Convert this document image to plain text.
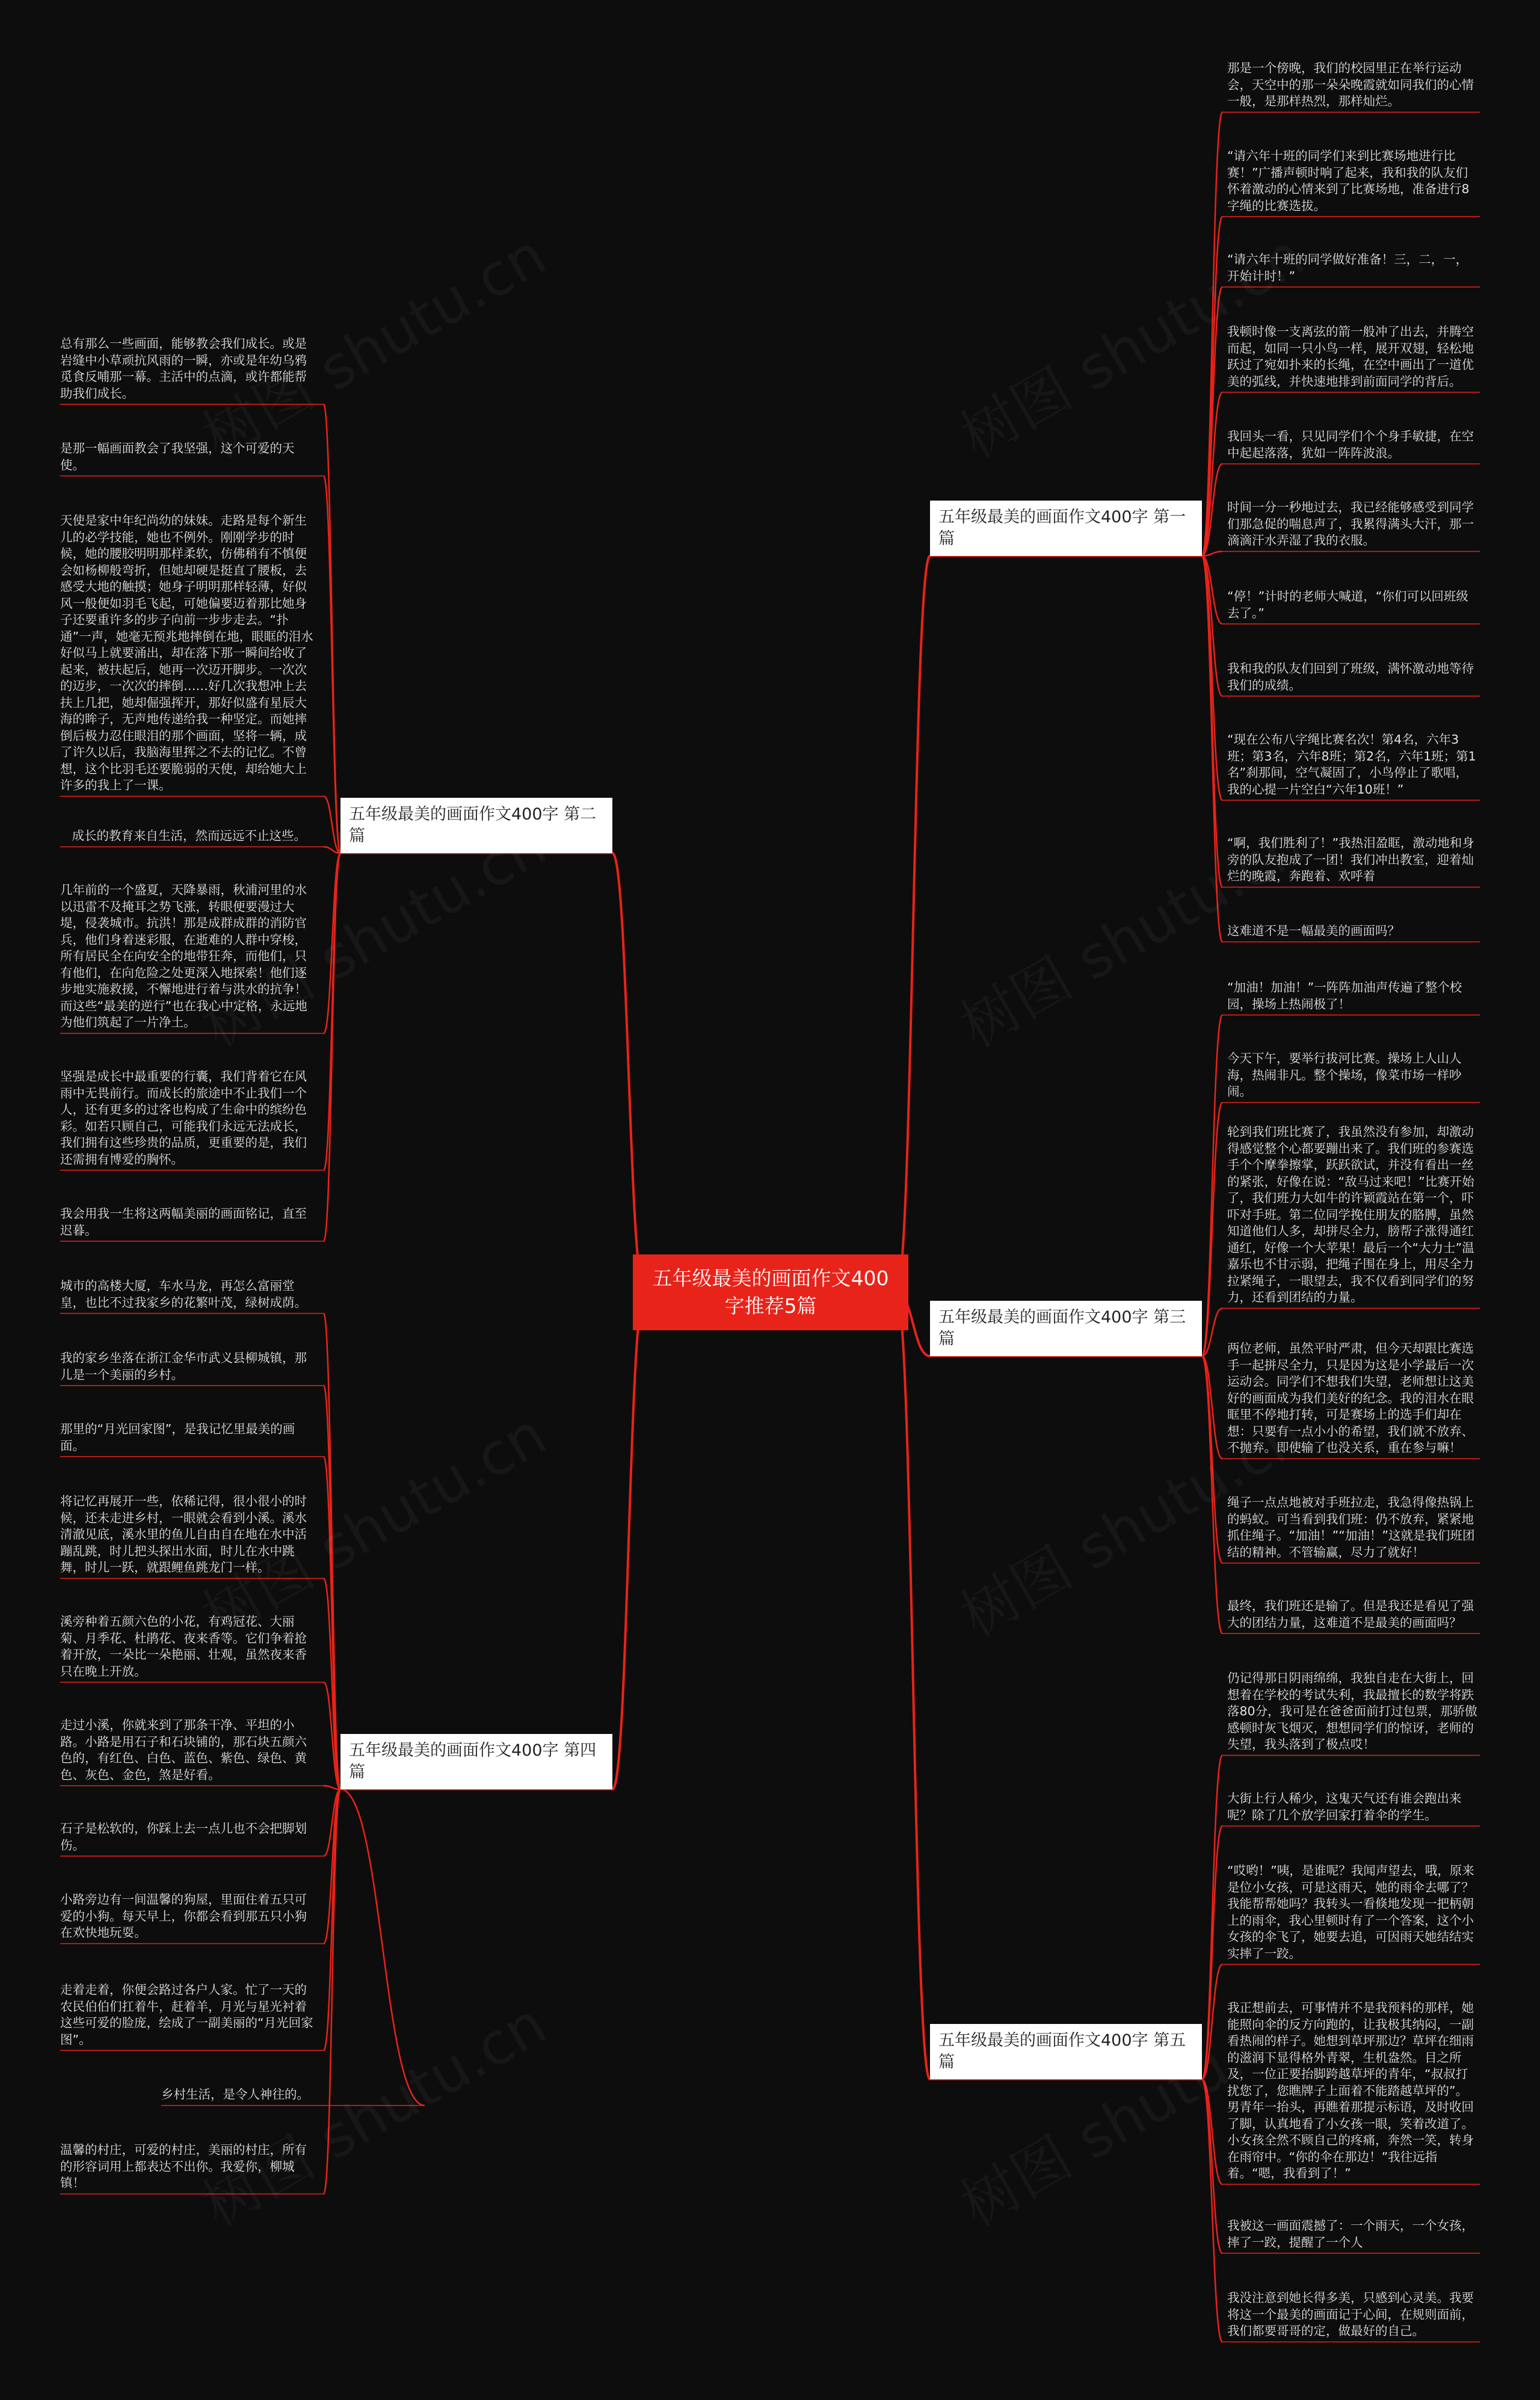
五年级最美的画面作文400字推荐5篇
五年级最美的画面作文400字 第一篇
五年级最美的画面作文400字 第二篇
五年级最美的画面作文400字 第三篇
五年级最美的画面作文400字 第四篇
五年级最美的画面作文400字 第五篇
那是一个傍晚，我们的校园里正在举行运动会，天空中的那一朵朵晚霞就如同我们的心情一般，是那样热烈，那样灿烂。
“请六年十班的同学们来到比赛场地进行比赛！”广播声顿时响了起来，我和我的队友们怀着激动的心情来到了比赛场地，准备进行8字绳的比赛选拔。
“请六年十班的同学做好准备！三，二，一，开始计时！”
我顿时像一支离弦的箭一般冲了出去，并腾空而起，如同一只小鸟一样，展开双翅，轻松地跃过了宛如扑来的长绳，在空中画出了一道优美的弧线，并快速地排到前面同学的背后。
我回头一看，只见同学们个个身手敏捷，在空中起起落落，犹如一阵阵波浪。
时间一分一秒地过去，我已经能够感受到同学们那急促的喘息声了，我累得满头大汗，那一滴滴汗水弄湿了我的衣服。
“停！”计时的老师大喊道，“你们可以回班级去了。”
我和我的队友们回到了班级，满怀激动地等待我们的成绩。
“现在公布八字绳比赛名次！第4名，六年3班；第3名，六年8班；第2名，六年1班；第1名”刹那间，空气凝固了，小鸟停止了歌唱，我的心提一片空白“六年10班！”
“啊，我们胜利了！”我热泪盈眶，激动地和身旁的队友抱成了一团！我们冲出教室，迎着灿烂的晚霞，奔跑着、欢呼着
这难道不是一幅最美的画面吗？
“加油！加油！”一阵阵加油声传遍了整个校园，操场上热闹极了！
今天下午，要举行拔河比赛。操场上人山人海，热闹非凡。整个操场，像菜市场一样吵闹。
轮到我们班比赛了，我虽然没有参加，却激动得感觉整个心都要蹦出来了。我们班的参赛选手个个摩拳擦掌，跃跃欲试，并没有看出一丝的紧张，好像在说：“敌马过来吧！”比赛开始了，我们班力大如牛的许颖霞站在第一个，吓吓对手班。第二位同学挽住朋友的胳膊，虽然知道他们人多，却拼尽全力，膀帮子涨得通红通红，好像一个大苹果！最后一个“大力士”温嘉乐也不甘示弱，把绳子围在身上，用尽全力拉紧绳子，一眼望去，我不仅看到同学们的努力，还看到团结的力量。
两位老师，虽然平时严肃，但今天却跟比赛选手一起拼尽全力，只是因为这是小学最后一次运动会。同学们不想我们失望，老师想让这美好的画面成为我们美好的纪念。我的泪水在眼眶里不停地打转，可是赛场上的选手们却在想：只要有一点小小的希望，我们就不放弃、不抛弃。即使输了也没关系，重在参与嘛！
绳子一点点地被对手班拉走，我急得像热锅上的蚂蚁。可当看到我们班：仍不放弃，紧紧地抓住绳子。“加油！”“加油！”这就是我们班团结的精神。不管输赢，尽力了就好！
最终，我们班还是输了。但是我还是看见了强大的团结力量，这难道不是最美的画面吗？
仍记得那日阴雨绵绵，我独自走在大街上，回想着在学校的考试失利，我最擅长的数学将跌落80分，我可是在爸爸面前打过包票，那骄傲感顿时灰飞烟灭，想想同学们的惊讶，老师的失望，我头落到了极点哎！
大街上行人稀少，这鬼天气还有谁会跑出来呢？除了几个放学回家打着伞的学生。
“哎哟！”咦，是谁呢？我闻声望去，哦，原来是位小女孩，可是这雨天，她的雨伞去哪了？我能帮帮她吗？我转头一看倏地发现一把柄朝上的雨伞，我心里顿时有了一个答案，这个小女孩的伞飞了，她要去追，可因雨天她结结实实摔了一跤。
我正想前去，可事情并不是我预料的那样，她能照向伞的反方向跑的，让我极其纳闷，一副看热闹的样子。她想到草坪那边？草坪在细雨的滋润下显得格外青翠，生机盎然。目之所及，一位正要抬脚跨越草坪的青年，“叔叔打扰您了，您瞧牌子上面着不能踏越草坪的”。男青年一抬头，再瞧着那提示标语，及时收回了脚，认真地看了小女孩一眼，笑着改道了。小女孩全然不顾自己的疼痛，奔然一笑，转身在雨帘中。“你的伞在那边！”我往远指着。“嗯，我看到了！”
我被这一画面震撼了：一个雨天，一个女孩，摔了一跤，提醒了一个人
我没注意到她长得多美，只感到心灵美。我要将这一个最美的画面记于心间，在规则面前，我们都要哥哥的定，做最好的自己。
总有那么一些画面，能够教会我们成长。或是岩缝中小草顽抗风雨的一瞬，亦或是年幼乌鸦觅食反哺那一幕。主活中的点滴，或许都能帮助我们成长。
是那一幅画面教会了我坚强，这个可爱的天使。
天使是家中年纪尚幼的妹妹。走路是每个新生儿的必学技能，她也不例外。刚刚学步的时候，她的腰胶明明那样柔软，仿佛稍有不慎便会如杨柳般弯折，但她却硬是挺直了腰板，去感受大地的触摸；她身子明明那样轻薄，好似风一般便如羽毛飞起，可她偏要迈着那比她身子还要重许多的步子向前一步步走去。“扑通”一声，她毫无预兆地摔倒在地，眼眶的泪水好似马上就要涌出，却在落下那一瞬间给收了起来，被扶起后，她再一次迈开脚步。一次次的迈步，一次次的摔倒……好几次我想冲上去扶上几把，她却倔强挥开，那好似盛有星辰大海的眸子，无声地传递给我一种坚定。而她摔倒后极力忍住眼泪的那个画面，坚将一辆，成了许久以后，我脑海里挥之不去的记忆。不曾想，这个比羽毛还要脆弱的天使，却给她大上许多的我上了一课。
成长的教育来自生活，然而远远不止这些。
几年前的一个盛夏，天降暴雨，秋浦河里的水以迅雷不及掩耳之势飞涨，转眼便要漫过大堤，侵袭城市。抗洪！那是成群成群的消防官兵，他们身着迷彩服，在逝难的人群中穿梭，所有居民全在向安全的地带狂奔，而他们，只有他们，在向危险之处更深入地探索！他们逐步地实施救援，不懈地进行着与洪水的抗争！而这些“最美的逆行”也在我心中定格，永远地为他们筑起了一片净土。
坚强是成长中最重要的行囊，我们背着它在风雨中无畏前行。而成长的旅途中不止我们一个人，还有更多的过客也构成了生命中的缤纷色彩。如若只顾自己，可能我们永远无法成长，我们拥有这些珍贵的品质，更重要的是，我们还需拥有博爱的胸怀。
我会用我一生将这两幅美丽的画面铭记，直至迟暮。
城市的高楼大厦，车水马龙，再怎么富丽堂皇，也比不过我家乡的花繁叶茂，绿树成荫。
我的家乡坐落在浙江金华市武义县柳城镇，那儿是一个美丽的乡村。
那里的“月光回家图”，是我记忆里最美的画面。
将记忆再展开一些，依稀记得，很小很小的时候，还未走进乡村，一眼就会看到小溪。溪水清澈见底，溪水里的鱼儿自由自在地在水中活蹦乱跳，时儿把头探出水面，时儿在水中跳舞，时儿一跃，就跟鲤鱼跳龙门一样。
溪旁种着五颜六色的小花，有鸡冠花、大丽菊、月季花、杜鹃花、夜来香等。它们争着抢着开放，一朵比一朵艳丽、壮观，虽然夜来香只在晚上开放。
走过小溪，你就来到了那条干净、平坦的小路。小路是用石子和石块铺的，那石块五颜六色的，有红色、白色、蓝色、紫色、绿色、黄色、灰色、金色，煞是好看。
石子是松软的，你踩上去一点儿也不会把脚划伤。
小路旁边有一间温馨的狗屋，里面住着五只可爱的小狗。每天早上，你都会看到那五只小狗在欢快地玩耍。
走着走着，你便会路过各户人家。忙了一天的农民伯伯们扛着牛，赶着羊，月光与星光衬着这些可爱的脸庞，绘成了一副美丽的“月光回家图”。
乡村生活，是令人神往的。
温馨的村庄，可爱的村庄，美丽的村庄，所有的形容词用上都表达不出你。我爱你，柳城镇！
